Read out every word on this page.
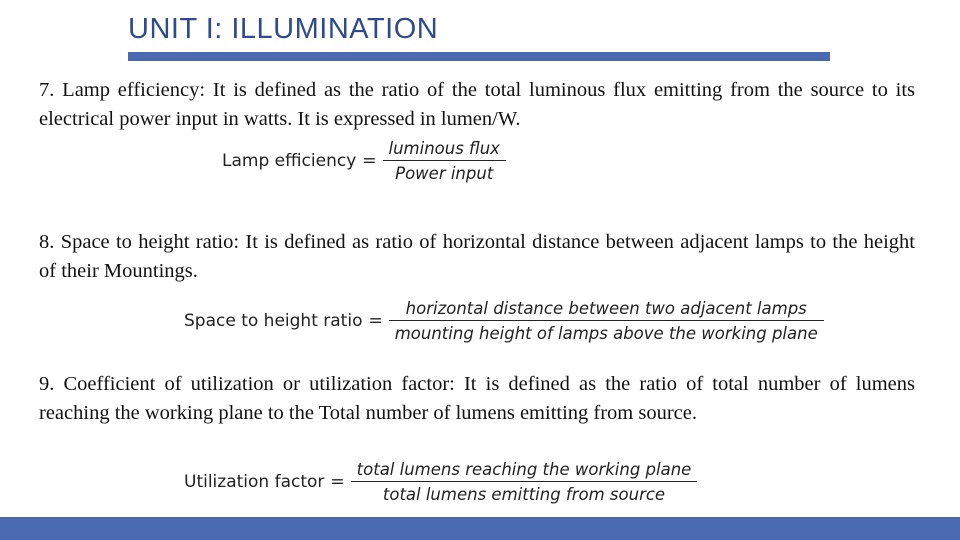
UNIT I: ILLUMINATION
7. Lamp efficiency: It is defined as the ratio of the total luminous flux emitting from the source to its electrical power input in watts. It is expressed in lumen/W.
Lamp efficiency = $\frac{\text{luminous flux}}{\text{Power input}}$
8. Space to height ratio: It is defined as ratio of horizontal distance between adjacent lamps to the height of their Mountings.
Space to height ratio = $\frac{\text{horizontal distance between two adjacent lamps}}{\text{mounting height of lamps above the working plane}}$
9. Coefficient of utilization or utilization factor: It is defined as the ratio of total number of lumens reaching the working plane to the Total number of lumens emitting from source.
Utilization factor = $\frac{\text{total lumens reaching the working plane}}{\text{total lumens emitting from source}}$
